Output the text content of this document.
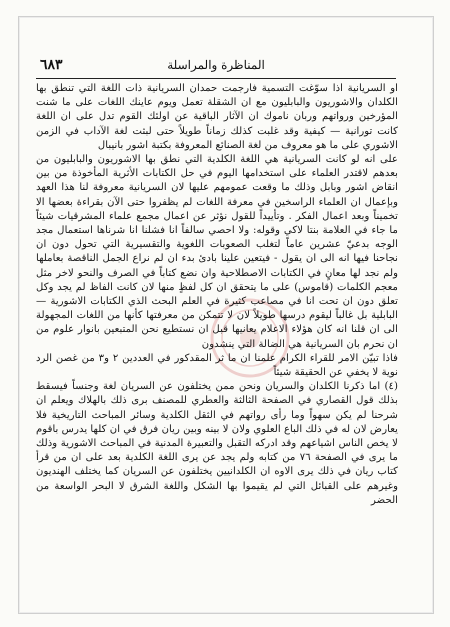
٦٨٣	المناظرة والمراسلة

او السريانية اذا سوّغت التسمية فارجمت حمدان السريانية ذات اللغة التي تنطق بها الكلدان والاشوريون والبابليون مع ان الشقلة تعمل ويوم عاينك اللغات على ما شنت المؤرخين ورواتهم وربان ناموك ان الآثار الباقية عن اولئك القوم تدل على ان اللغة كانت تورانية — كيفية وقد غلبت كذلك زماناً طويلاً حتى لبثت لغة الآداب في الزمن الاشوري على ما هو معروف من لغة الصنائع المعروفة بكتبة اشور بانيبال

على انه لو كانت السريانية هي اللغة الكلدية التي نطق بها الاشوريون والبابليون من بعدهم لاقتدر العلماء على استخدامها اليوم في حل الكتابات الأثرية المأخوذة من بين انقاض اشور وبابل وذلك ما وقعت عمومهم عليها لان السريانية معروفة لنا هذا العهد وبإعمال ان العلماء الراسخين في معرفة اللغات لم يظفروا حتى الآن بقراءة بعضها الا تخميناً وبعد اعمال الفكر . وتأييداً للقول نؤثر عن اعمال مجمع علماء المشرقيات شيئاً ما جاء في العلامة بنتا لاكي وقوله: ولا احصي سالفاً انا فشلنا انا شرناها استعمال مجد الوجه بدعيّ عشرين عاماً لتغلب الصعوبات اللغوية والتقسيرية التي تحول دون ان نجاحنا فيها انه الى ان يقول - فيتعين علينا بادئ بدء ان لم نراع الجمل الناقصة بعاملها ولم نجد لها معانٍ في الكتابات الاصطلاحية وان نضع كتاباً في الصرف والنحو لاخر مثل معجم الكلمات (قاموس) على ما يتحقق ان كل لفظٍ منها لان كانت الفاظ لم يجد وكل تعلق دون ان تحت انا في مصاعب كثيرة في العلم البحث الذي الكتابات الاشورية — البابلية بل غالباً ليقوم درسها طويلاً لان لا تتمكن من معرفتها كأنها من اللغات المجهولة الى ان قلنا انه كان هؤلاء الاعلام يعانيها قبل ان نستطيع نحن المتبعين بانوار علوم من ان نحرم بان السريانية هي الضالة التي ينشدون

فاذا تبيّن الامر للقراء الكرام علمنا ان ما ثر المقدكور في العددين ٢ و٣ من غصن الرد نوية لا يخفي عن الحقيقة شيئاً

(٤) اما ذكرنا الكلدان والسريان ونحن ممن يختلفون عن السريان لغة وجنساً فيسقط بذلك قول القصاري في الصفحة الثالثة والعطري للمصنف برى ذلك بالهلاك ويعلم ان شرحنا لم يكن سهواً وما رأى رواتهم في الثقل الكلدية وسائر المباحث التاريخية فلا يعارض لان له في ذلك الباع العلوي ولان لا بينه وبين ريان فرق في ان كلها يدرس باقوم لا يخص الناس اشياعهم وقد ادركه التقبل والتعبيرة المدنية في المباحث الاشورية وذلك ما يرى في الصفحة ٧٦ من كتابه ولم يجد عن يرى اللغة الكلدية بعد على ان من قرأ كتاب ريان في ذلك يرى الاوه ان الكلدانيين يختلفون عن السريان كما يختلف الهنديون وغيرهم على القبائل التي لم يقيموا بها الشكل واللغة الشرق لا البحر الواسعة من الحضر
